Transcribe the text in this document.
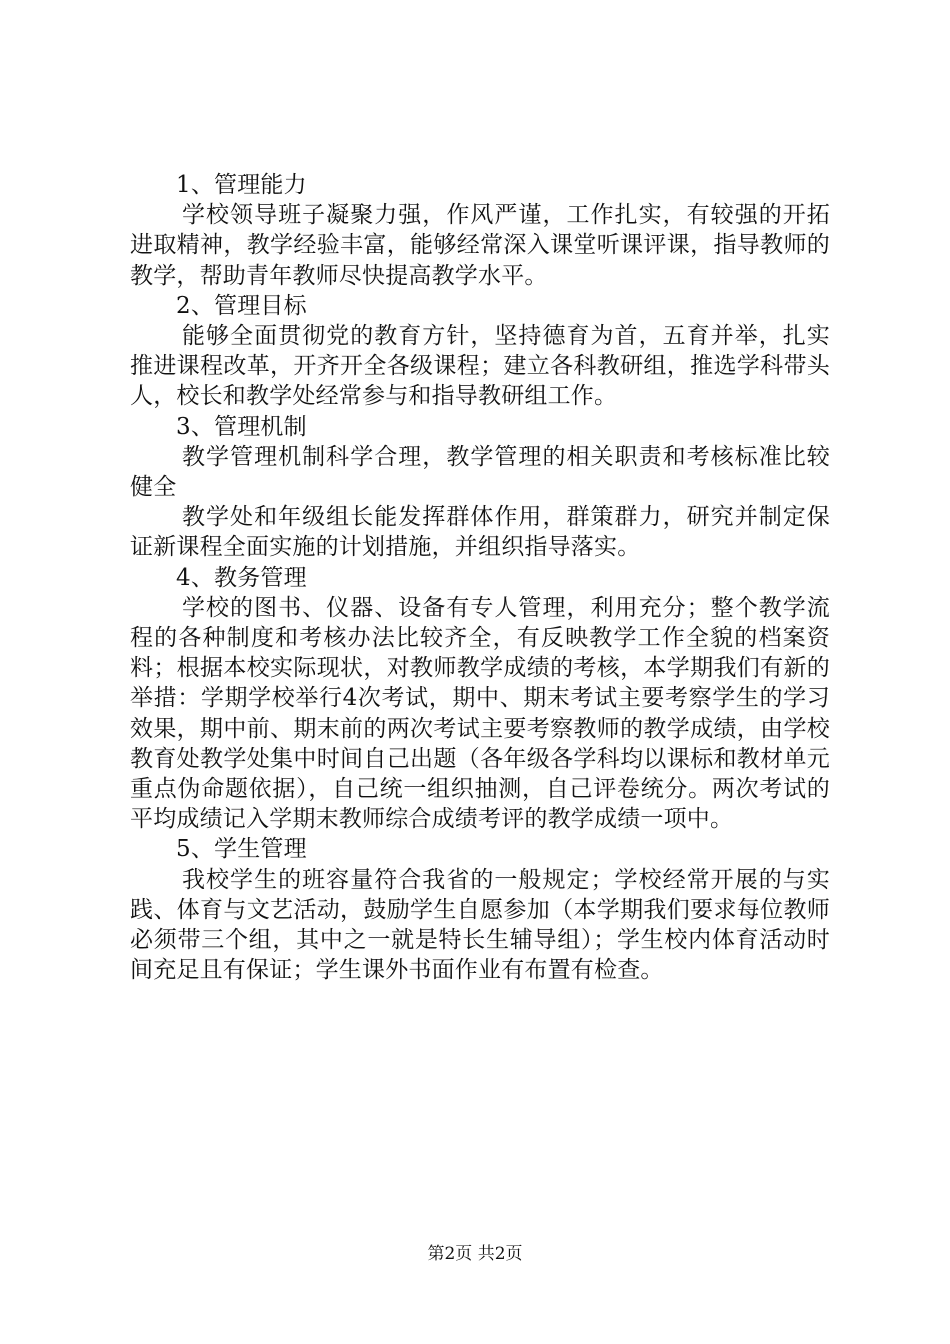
1、管理能力

学校领导班子凝聚力强，作风严谨，工作扎实，有较强的开拓进取精神，教学经验丰富，能够经常深入课堂听课评课，指导教师的教学，帮助青年教师尽快提高教学水平。

2、管理目标

能够全面贯彻党的教育方针，坚持德育为首，五育并举，扎实推进课程改革，开齐开全各级课程；建立各科教研组，推选学科带头人，校长和教学处经常参与和指导教研组工作。

3、管理机制

教学管理机制科学合理，教学管理的相关职责和考核标准比较健全

教学处和年级组长能发挥群体作用，群策群力，研究并制定保证新课程全面实施的计划措施，并组织指导落实。

4、教务管理

学校的图书、仪器、设备有专人管理，利用充分；整个教学流程的各种制度和考核办法比较齐全，有反映教学工作全貌的档案资料；根据本校实际现状，对教师教学成绩的考核，本学期我们有新的举措：学期学校举行4次考试，期中、期末考试主要考察学生的学习效果，期中前、期末前的两次考试主要考察教师的教学成绩，由学校教育处教学处集中时间自己出题（各年级各学科均以课标和教材单元重点伪命题依据），自己统一组织抽测，自己评卷统分。两次考试的平均成绩记入学期末教师综合成绩考评的教学成绩一项中。

5、学生管理

我校学生的班容量符合我省的一般规定；学校经常开展的与实践、体育与文艺活动，鼓励学生自愿参加（本学期我们要求每位教师必须带三个组，其中之一就是特长生辅导组）；学生校内体育活动时间充足且有保证；学生课外书面作业有布置有检查。

第2页 共2页
